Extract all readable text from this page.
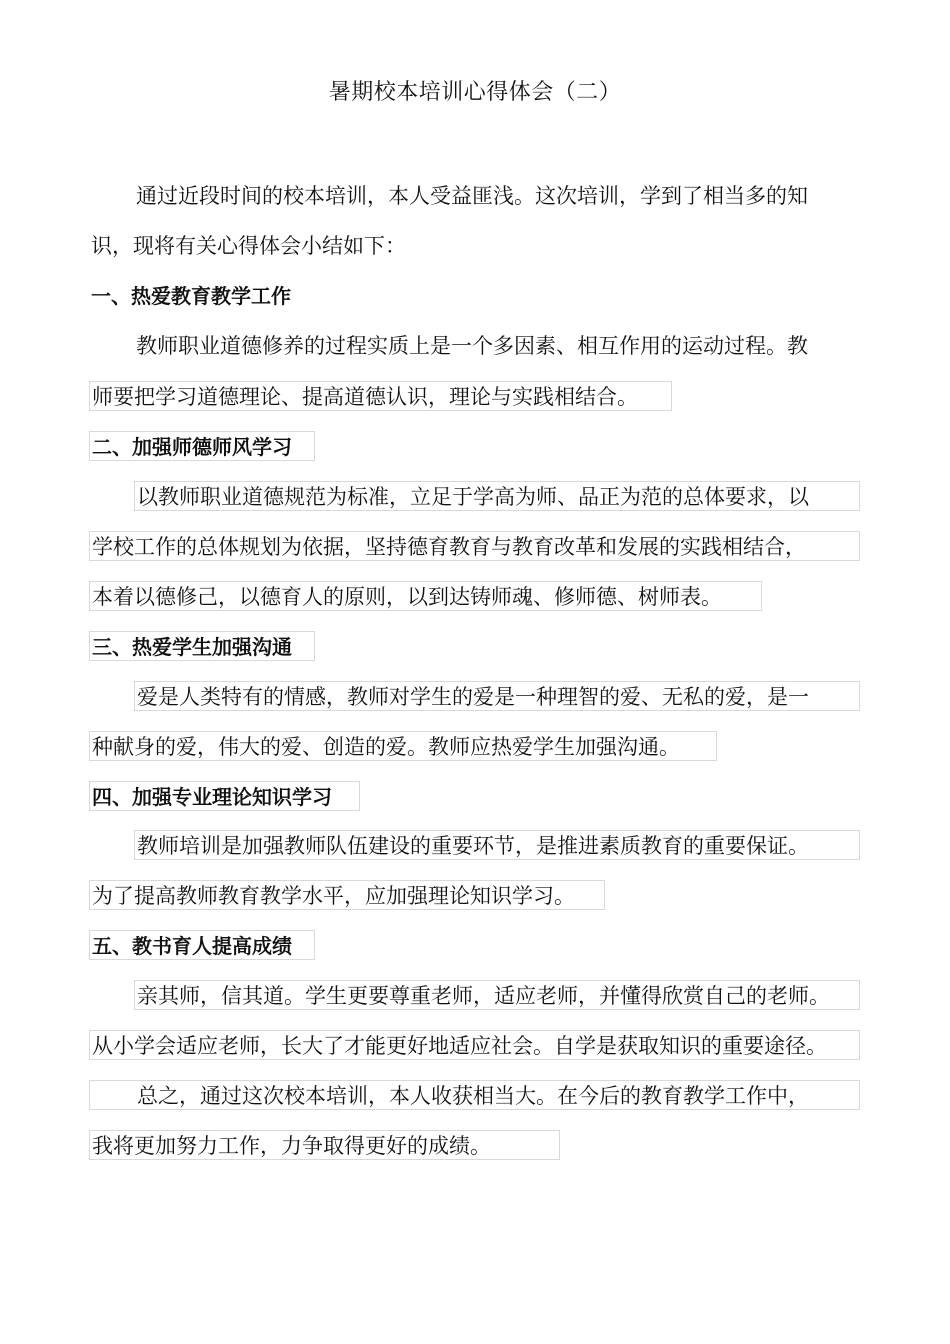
暑期校本培训心得体会（二）
通过近段时间的校本培训，本人受益匪浅。这次培训，学到了相当多的知
识，现将有关心得体会小结如下：
一、热爱教育教学工作
教师职业道德修养的过程实质上是一个多因素、相互作用的运动过程。教
师要把学习道德理论、提高道德认识，理论与实践相结合。
二、加强师德师风学习
以教师职业道德规范为标准，立足于学高为师、品正为范的总体要求，以
学校工作的总体规划为依据，坚持德育教育与教育改革和发展的实践相结合，
本着以德修己，以德育人的原则，以到达铸师魂、修师德、树师表。
三、热爱学生加强沟通
爱是人类特有的情感，教师对学生的爱是一种理智的爱、无私的爱，是一
种献身的爱，伟大的爱、创造的爱。教师应热爱学生加强沟通。
四、加强专业理论知识学习
教师培训是加强教师队伍建设的重要环节，是推进素质教育的重要保证。
为了提高教师教育教学水平，应加强理论知识学习。
五、教书育人提高成绩
亲其师，信其道。学生更要尊重老师，适应老师，并懂得欣赏自己的老师。
从小学会适应老师，长大了才能更好地适应社会。自学是获取知识的重要途径。
总之，通过这次校本培训，本人收获相当大。在今后的教育教学工作中，
我将更加努力工作，力争取得更好的成绩。
